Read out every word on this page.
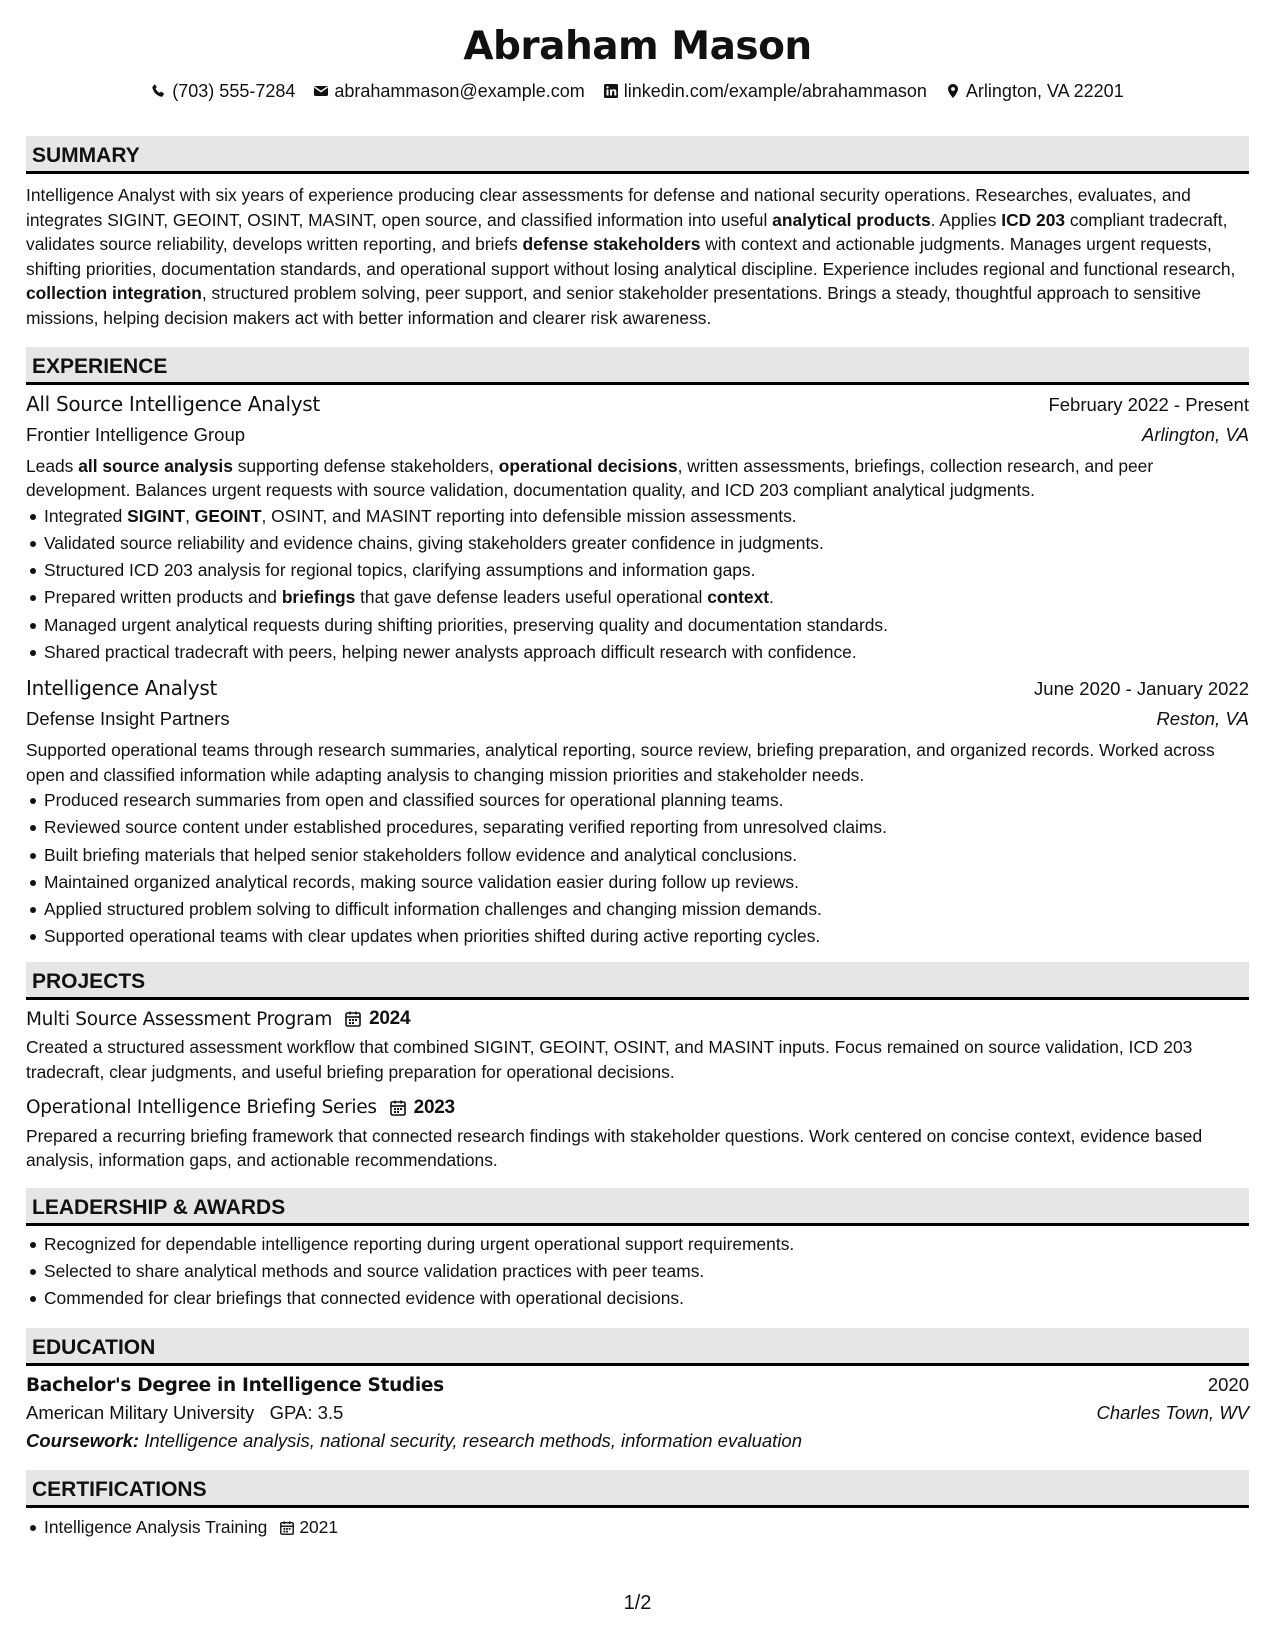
Abraham Mason
(703) 555-7284 abrahammason@example.com linkedin.com/example/abrahammason Arlington, VA 22201
SUMMARY

Intelligence Analyst with six years of experience producing clear assessments for defense and national security operations. Researches, evaluates, and integrates SIGINT, GEOINT, OSINT, MASINT, open source, and classified information into useful analytical products. Applies ICD 203 compliant tradecraft, validates source reliability, develops written reporting, and briefs defense stakeholders with context and actionable judgments. Manages urgent requests, shifting priorities, documentation standards, and operational support without losing analytical discipline. Experience includes regional and functional research, collection integration, structured problem solving, peer support, and senior stakeholder presentations. Brings a steady, thoughtful approach to sensitive missions, helping decision makers act with better information and clearer risk awareness.

EXPERIENCE
All Source Intelligence Analyst	February 2022 - Present
Frontier Intelligence Group	Arlington, VA

Leads all source analysis supporting defense stakeholders, operational decisions, written assessments, briefings, collection research, and peer development. Balances urgent requests with source validation, documentation quality, and ICD 203 compliant analytical judgments.

Integrated SIGINT, GEOINT, OSINT, and MASINT reporting into defensible mission assessments.
Validated source reliability and evidence chains, giving stakeholders greater confidence in judgments.
Structured ICD 203 analysis for regional topics, clarifying assumptions and information gaps.
Prepared written products and briefings that gave defense leaders useful operational context.
Managed urgent analytical requests during shifting priorities, preserving quality and documentation standards.
Shared practical tradecraft with peers, helping newer analysts approach difficult research with confidence.
Intelligence Analyst	June 2020 - January 2022
Defense Insight Partners	Reston, VA

Supported operational teams through research summaries, analytical reporting, source review, briefing preparation, and organized records. Worked across open and classified information while adapting analysis to changing mission priorities and stakeholder needs.

Produced research summaries from open and classified sources for operational planning teams.
Reviewed source content under established procedures, separating verified reporting from unresolved claims.
Built briefing materials that helped senior stakeholders follow evidence and analytical conclusions.
Maintained organized analytical records, making source validation easier during follow up reviews.
Applied structured problem solving to difficult information challenges and changing mission demands.
Supported operational teams with clear updates when priorities shifted during active reporting cycles.
PROJECTS
Multi Source Assessment Program 2024

Created a structured assessment workflow that combined SIGINT, GEOINT, OSINT, and MASINT inputs. Focus remained on source validation, ICD 203 tradecraft, clear judgments, and useful briefing preparation for operational decisions.

Operational Intelligence Briefing Series 2023

Prepared a recurring briefing framework that connected research findings with stakeholder questions. Work centered on concise context, evidence based analysis, information gaps, and actionable recommendations.

LEADERSHIP & AWARDS
Recognized for dependable intelligence reporting during urgent operational support requirements.
Selected to share analytical methods and source validation practices with peer teams.
Commended for clear briefings that connected evidence with operational decisions.
EDUCATION
Bachelor's Degree in Intelligence Studies	2020
American Military University GPA: 3.5	Charles Town, WV

Coursework: Intelligence analysis, national security, research methods, information evaluation

CERTIFICATIONS
Intelligence Analysis Training 2021
1/2
